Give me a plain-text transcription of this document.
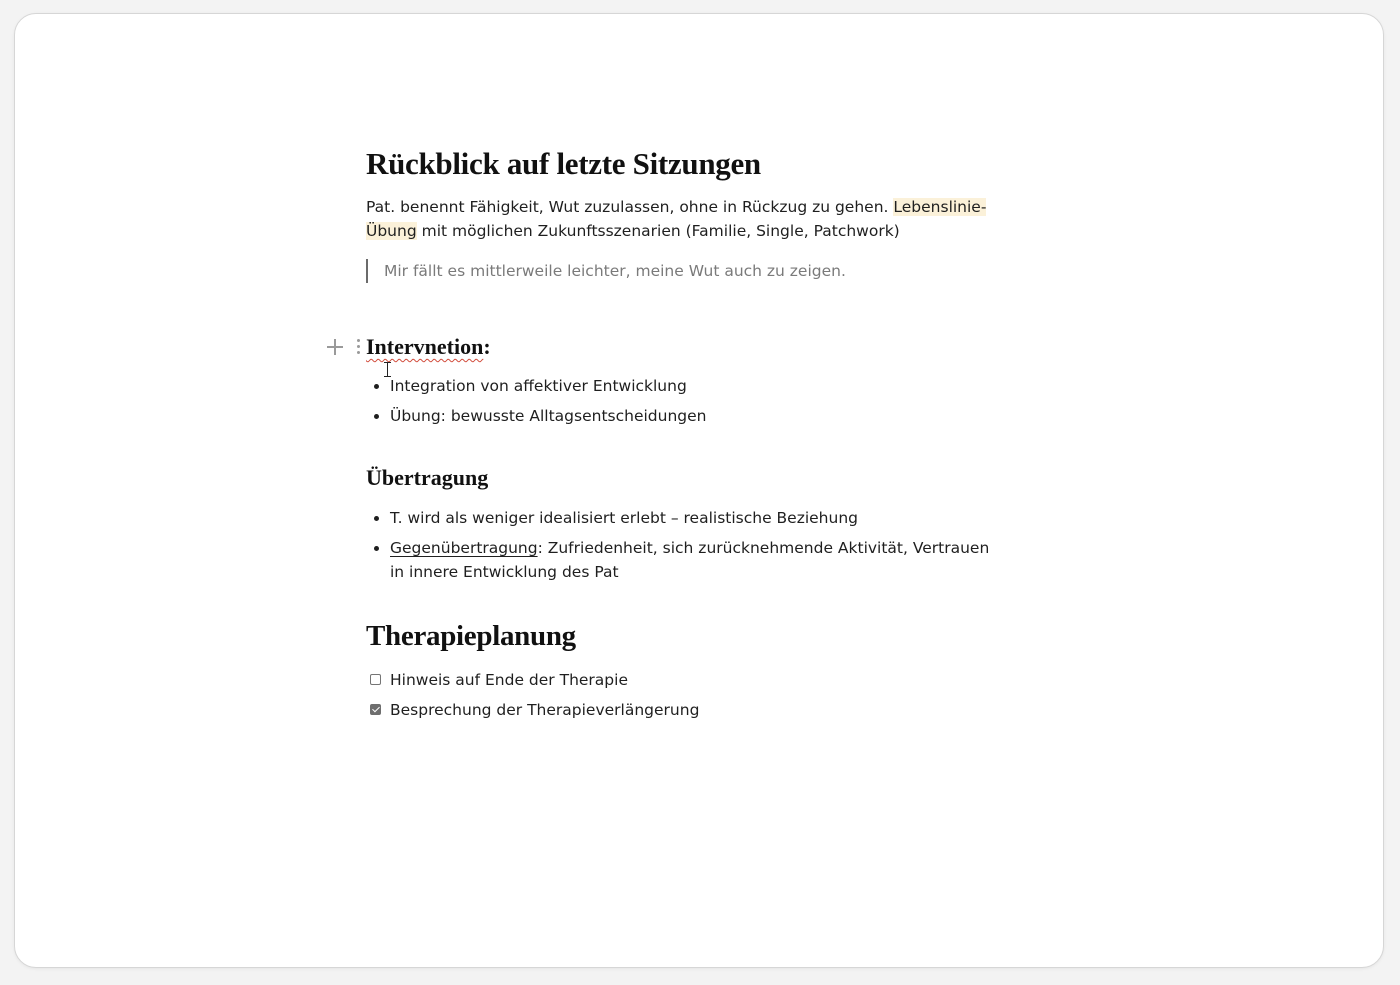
Rückblick auf letzte Sitzungen
Pat. benennt Fähigkeit, Wut zuzulassen, ohne in Rückzug zu gehen. Lebenslinie-Übung mit möglichen Zukunftsszenarien (Familie, Single, Patchwork)
Mir fällt es mittlerweile leichter, meine Wut auch zu zeigen.
Intervnetion:
Integration von affektiver Entwicklung
Übung: bewusste Alltagsentscheidungen
Übertragung
T. wird als weniger idealisiert erlebt – realistische Beziehung
Gegenübertragung: Zufriedenheit, sich zurücknehmende Aktivität, Vertrauen in innere Entwicklung des Pat
Therapieplanung
Hinweis auf Ende der Therapie
Besprechung der Therapieverlängerung
